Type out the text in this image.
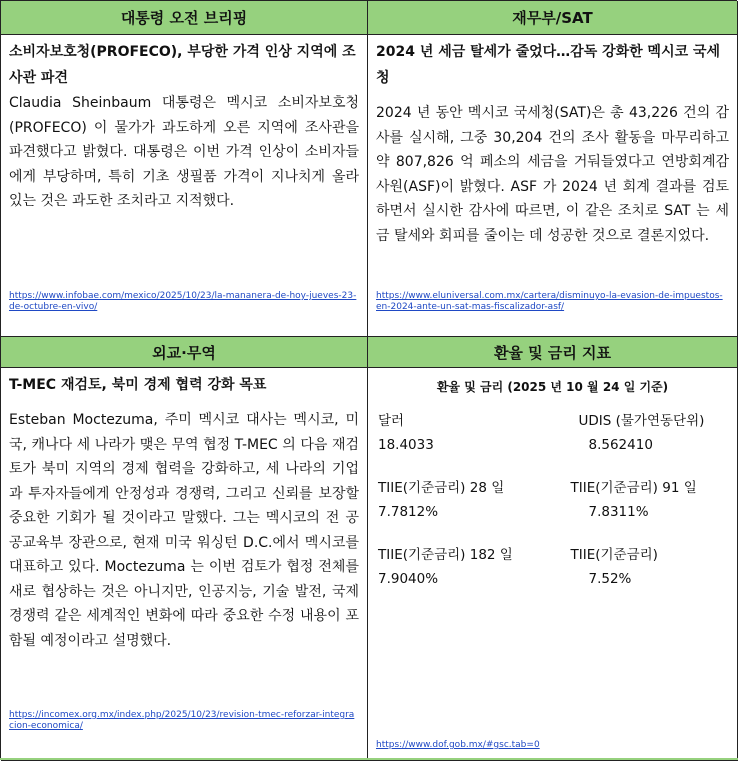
대통령 오전 브리핑	재무부/SAT

소비자보호청(PROFECO), 부당한 가격 인상 지역에 조사관 파견

Claudia Sheinbaum 대통령은 멕시코 소비자보호청(PROFECO) 이 물가가 과도하게 오른 지역에 조사관을 파견했다고 밝혔다. 대통령은 이번 가격 인상이 소비자들에게 부당하며, 특히 기초 생필품 가격이 지나치게 올라 있는 것은 과도한 조치라고 지적했다.

https://www.infobae.com/mexico/2025/10/23/la-mananera-de-hoy-jueves-23-de-octubre-en-vivo/

2024 년 세금 탈세가 줄었다…감독 강화한 멕시코 국세청

2024 년 동안 멕시코 국세청(SAT)은 총 43,226 건의 감사를 실시해, 그중 30,204 건의 조사 활동을 마무리하고 약 807,826 억 페소의 세금을 거둬들였다고 연방회계감사원(ASF)이 밝혔다. ASF 가 2024 년 회계 결과를 검토하면서 실시한 감사에 따르면, 이 같은 조치로 SAT 는 세금 탈세와 회피를 줄이는 데 성공한 것으로 결론지었다.

https://www.eluniversal.com.mx/cartera/disminuyo-la-evasion-de-impuestos-en-2024-ante-un-sat-mas-fiscalizador-asf/
외교·무역	환율 및 금리 지표

T-MEC 재검토, 북미 경제 협력 강화 목표

Esteban Moctezuma, 주미 멕시코 대사는 멕시코, 미국, 캐나다 세 나라가 맺은 무역 협정 T-MEC 의 다음 재검토가 북미 지역의 경제 협력을 강화하고, 세 나라의 기업과 투자자들에게 안정성과 경쟁력, 그리고 신뢰를 보장할 중요한 기회가 될 것이라고 말했다. 그는 멕시코의 전 공공교육부 장관으로, 현재 미국 워싱턴 D.C.에서 멕시코를 대표하고 있다. Moctezuma 는 이번 검토가 협정 전체를 새로 협상하는 것은 아니지만, 인공지능, 기술 발전, 국제 경쟁력 같은 세계적인 변화에 따라 중요한 수정 내용이 포함될 예정이라고 설명했다.

https://incomex.org.mx/index.php/2025/10/23/revision-tmec-reforzar-integracion-economica/
환율 및 금리 (2025 년 10 월 24 일 기준)
달러
18.4033
UDIS (물가연동단위)
8.562410
TIIE(기준금리) 28 일
7.7812%
TIIE(기준금리) 91 일
7.8311%
TIIE(기준금리) 182 일
7.9040%
TIIE(기준금리)
7.52%
https://www.dof.gob.mx/#gsc.tab=0
